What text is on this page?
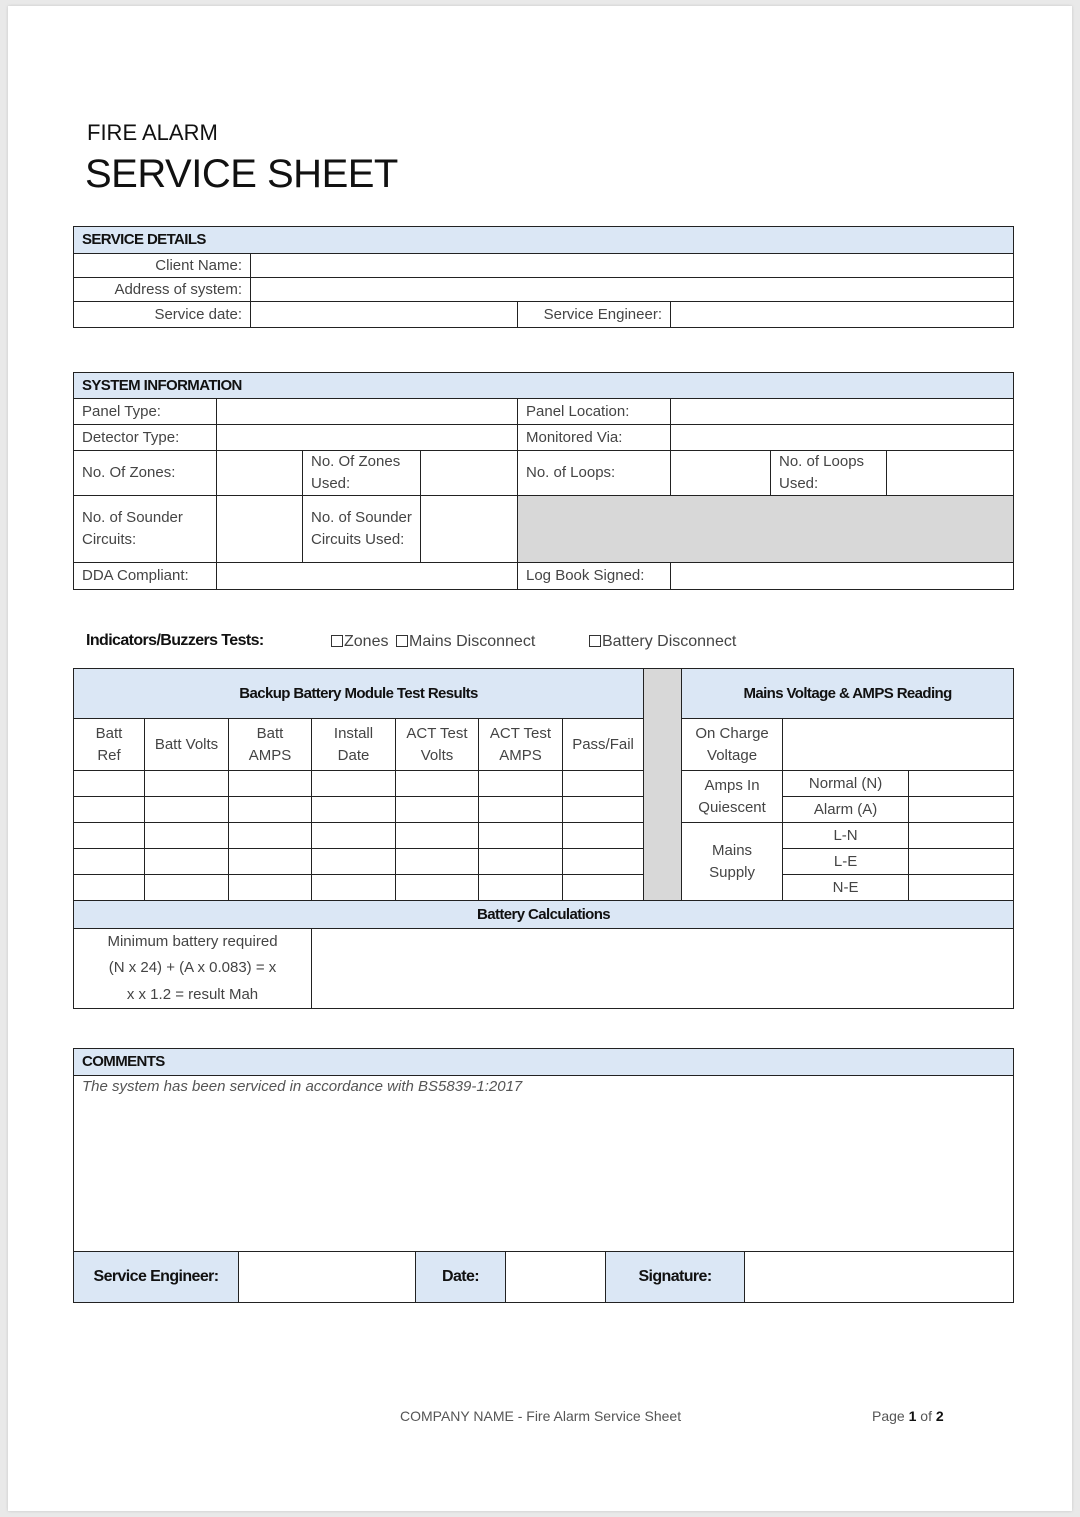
FIRE ALARM
SERVICE SHEET
SERVICE DETAILS			
Client Name:			
Address of system:			
Service date:		Service Engineer:	
SYSTEM INFORMATION							
Panel Type:				Panel Location:			
Detector Type:				Monitored Via:			
No. Of Zones:		No. Of Zones Used:		No. of Loops:		No. of Loops Used:	
No. of Sounder Circuits:		No. of Sounder Circuits Used:					
DDA Compliant:				Log Book Signed:			
Indicators/Buzzers Tests:	Zones	Mains Disconnect	Battery Disconnect
Backup Battery Module Test Results								Mains Voltage & AMPS Reading		
Batt Ref	Batt Volts	Batt AMPS	Install Date	ACT Test Volts	ACT Test AMPS	Pass/Fail		On Charge Voltage		
								Amps In Quiescent	Normal (N)	
									Alarm (A)	
								Mains Supply	L-N	
									L-E	
									N-E	
Battery Calculations										

Minimum battery required
(N x 24) + (A x 0.083) = x
x x 1.2 = result Mah										

COMMENTS
The system has been serviced in accordance with BS5839-1:2017
Service Engineer:		Date:		Signature:	
COMPANY NAME - Fire Alarm Service Sheet	Page 1 of 2
